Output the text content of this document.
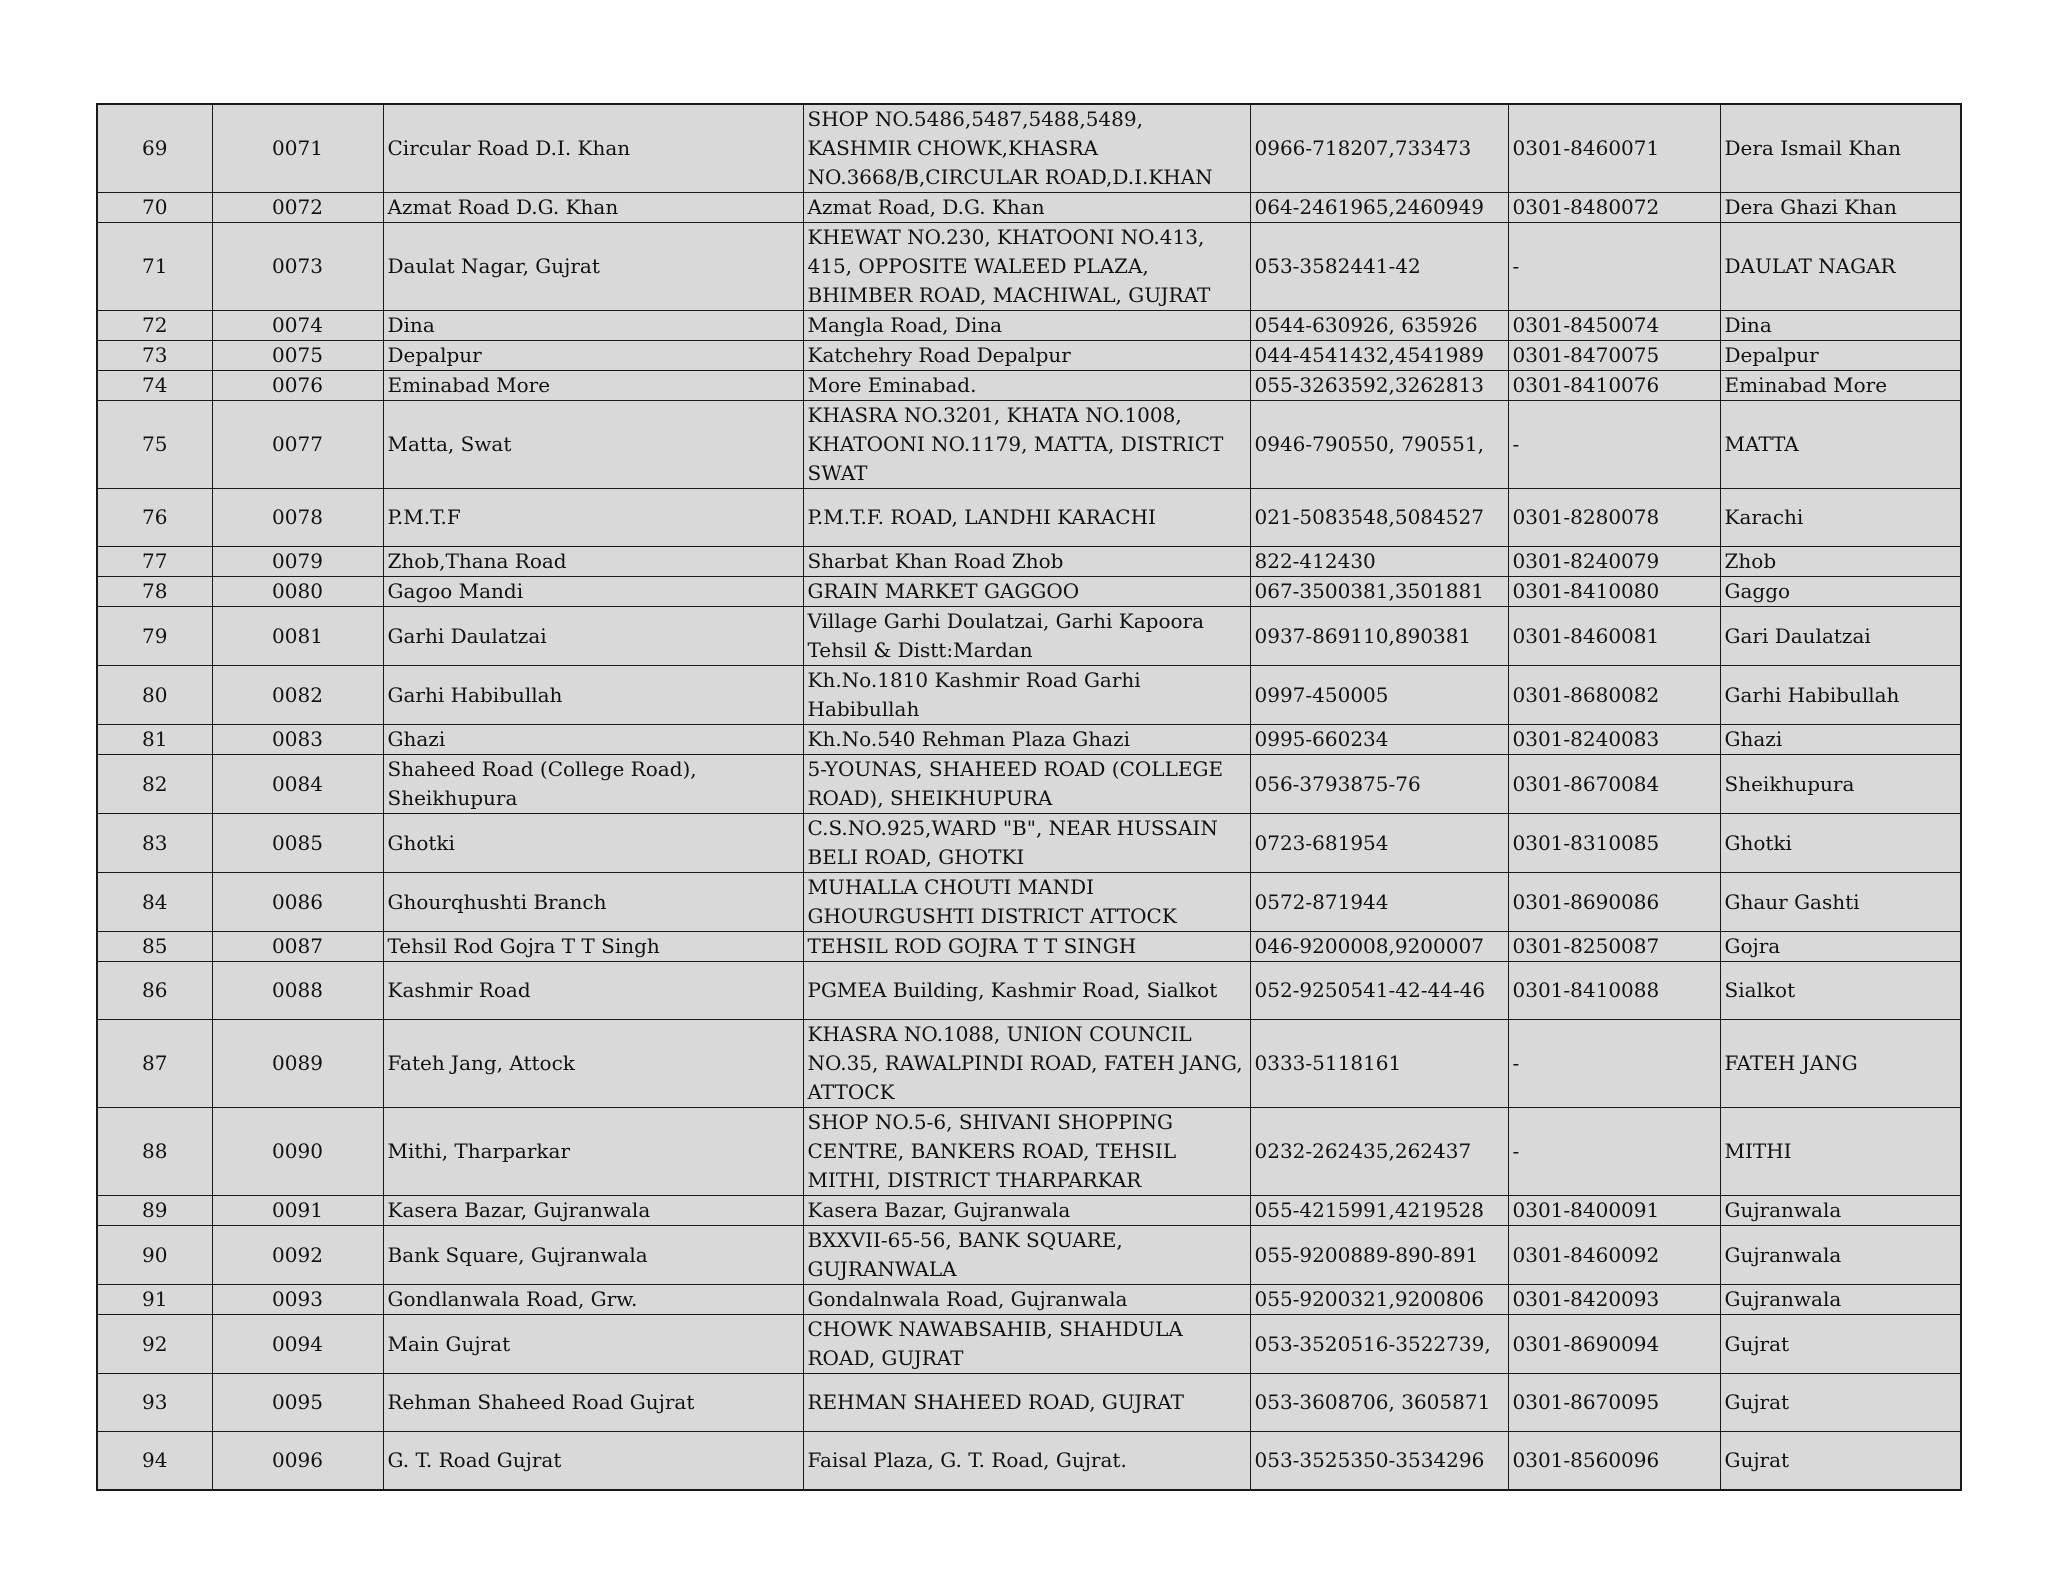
69	0071	Circular Road D.I. Khan	SHOP NO.5486,5487,5488,5489, KASHMIR CHOWK,KHASRA NO.3668/B,CIRCULAR ROAD,D.I.KHAN	0966-718207,733473	0301-8460071	Dera Ismail Khan
70	0072	Azmat Road D.G. Khan	Azmat Road, D.G. Khan	064-2461965,2460949	0301-8480072	Dera Ghazi Khan
71	0073	Daulat Nagar, Gujrat	KHEWAT NO.230, KHATOONI NO.413, 415, OPPOSITE WALEED PLAZA, BHIMBER ROAD, MACHIWAL, GUJRAT	053-3582441-42	-	DAULAT NAGAR
72	0074	Dina	Mangla Road, Dina	0544-630926, 635926	0301-8450074	Dina
73	0075	Depalpur	Katchehry Road Depalpur	044-4541432,4541989	0301-8470075	Depalpur
74	0076	Eminabad More	More Eminabad.	055-3263592,3262813	0301-8410076	Eminabad More
75	0077	Matta, Swat	KHASRA NO.3201, KHATA NO.1008, KHATOONI NO.1179, MATTA, DISTRICT SWAT	0946-790550, 790551,	-	MATTA
76	0078	P.M.T.F	P.M.T.F. ROAD, LANDHI KARACHI	021-5083548,5084527	0301-8280078	Karachi
77	0079	Zhob,Thana Road	Sharbat Khan Road Zhob	822-412430	0301-8240079	Zhob
78	0080	Gagoo Mandi	GRAIN MARKET GAGGOO	067-3500381,3501881	0301-8410080	Gaggo
79	0081	Garhi Daulatzai	Village Garhi Doulatzai, Garhi Kapoora Tehsil & Distt:Mardan	0937-869110,890381	0301-8460081	Gari Daulatzai
80	0082	Garhi Habibullah	Kh.No.1810 Kashmir Road Garhi Habibullah	0997-450005	0301-8680082	Garhi Habibullah
81	0083	Ghazi	Kh.No.540 Rehman Plaza Ghazi	0995-660234	0301-8240083	Ghazi
82	0084	Shaheed Road (College Road), Sheikhupura	5-YOUNAS, SHAHEED ROAD (COLLEGE ROAD), SHEIKHUPURA	056-3793875-76	0301-8670084	Sheikhupura
83	0085	Ghotki	C.S.NO.925,WARD "B", NEAR HUSSAIN BELI ROAD, GHOTKI	0723-681954	0301-8310085	Ghotki
84	0086	Ghourqhushti Branch	MUHALLA CHOUTI MANDI GHOURGUSHTI DISTRICT ATTOCK	0572-871944	0301-8690086	Ghaur Gashti
85	0087	Tehsil Rod Gojra T T Singh	TEHSIL ROD GOJRA T T SINGH	046-9200008,9200007	0301-8250087	Gojra
86	0088	Kashmir Road	PGMEA Building, Kashmir Road, Sialkot	052-9250541-42-44-46	0301-8410088	Sialkot
87	0089	Fateh Jang, Attock	KHASRA NO.1088, UNION COUNCIL NO.35, RAWALPINDI ROAD, FATEH JANG, ATTOCK	0333-5118161	-	FATEH JANG
88	0090	Mithi, Tharparkar	SHOP NO.5-6, SHIVANI SHOPPING CENTRE, BANKERS ROAD, TEHSIL MITHI, DISTRICT THARPARKAR	0232-262435,262437	-	MITHI
89	0091	Kasera Bazar, Gujranwala	Kasera Bazar, Gujranwala	055-4215991,4219528	0301-8400091	Gujranwala
90	0092	Bank Square, Gujranwala	BXXVII-65-56, BANK SQUARE, GUJRANWALA	055-9200889-890-891	0301-8460092	Gujranwala
91	0093	Gondlanwala Road, Grw.	Gondalnwala Road, Gujranwala	055-9200321,9200806	0301-8420093	Gujranwala
92	0094	Main Gujrat	CHOWK NAWABSAHIB, SHAHDULA ROAD, GUJRAT	053-3520516-3522739,	0301-8690094	Gujrat
93	0095	Rehman Shaheed Road Gujrat	REHMAN SHAHEED ROAD, GUJRAT	053-3608706, 3605871	0301-8670095	Gujrat
94	0096	G. T. Road Gujrat	Faisal Plaza, G. T. Road, Gujrat.	053-3525350-3534296	0301-8560096	Gujrat
